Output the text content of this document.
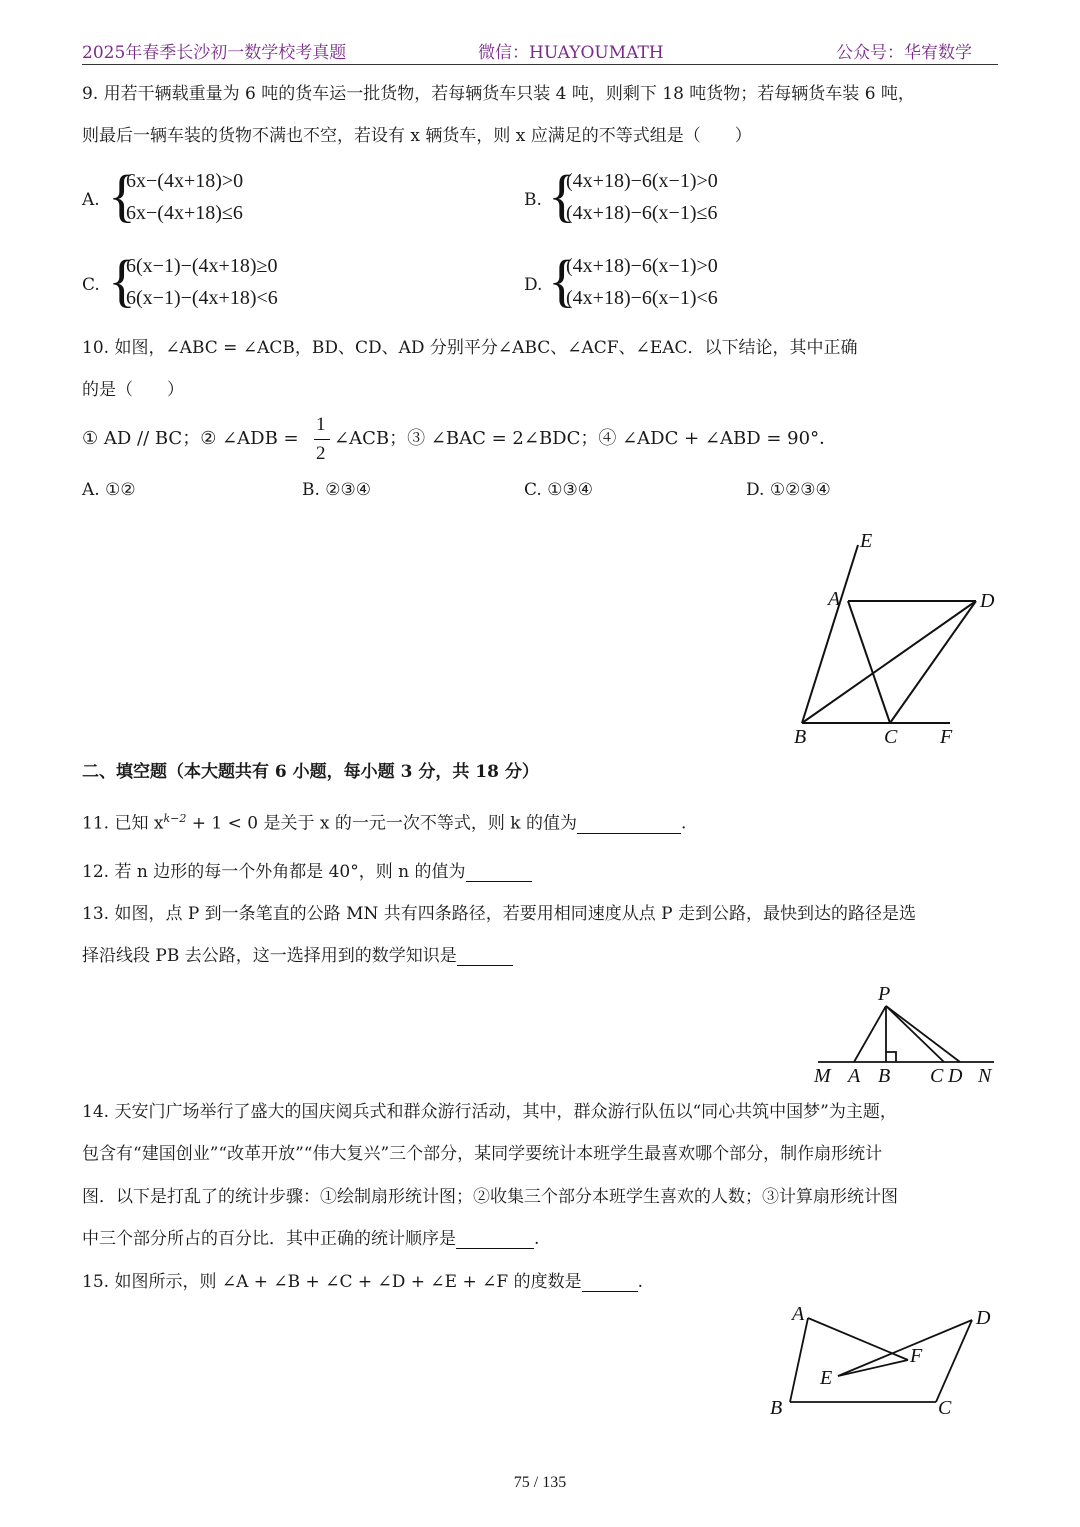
2025年春季长沙初一数学校考真题	微信：HUAYOUMATH	公众号：华宥数学
9. 用若干辆载重量为 6 吨的货车运一批货物，若每辆货车只装 4 吨，则剩下 18 吨货物；若每辆货车装 6 吨，
则最后一辆车装的货物不满也不空，若设有 x 辆货车，则 x 应满足的不等式组是（　　）
A. {
6x−(4x+18)>0
6x−(4x+18)≤6
B. {
(4x+18)−6(x−1)>0
(4x+18)−6(x−1)≤6
C. {
6(x−1)−(4x+18)≥0
6(x−1)−(4x+18)<6
D. {
(4x+18)−6(x−1)>0
(4x+18)−6(x−1)<6
10. 如图，∠ABC = ∠ACB，BD、CD、AD 分别平分∠ABC、∠ACF、∠EAC．以下结论，其中正确
的是（　　）
① AD // BC；② ∠ADB =
1
2
∠ACB；③ ∠BAC = 2∠BDC；④ ∠ADC + ∠ABD = 90°．
A. ①②	B. ②③④	C. ①③④	D. ①②③④
E
A	D
B	C F
二、填空题（本大题共有 6 小题，每小题 3 分，共 18 分）
11. 已知 $x^{k-2} + 1 < 0$ 是关于 x 的一元一次不等式，则 k 的值为	.
12. 若 n 边形的每一个外角都是 40°，则 n 的值为
13. 如图，点 P 到一条笔直的公路 MN 共有四条路径，若要用相同速度从点 P 走到公路，最快到达的路径是选
择沿线段 PB 去公路，这一选择用到的数学知识是
P
M A B C D N
14. 天安门广场举行了盛大的国庆阅兵式和群众游行活动，其中，群众游行队伍以“同心共筑中国梦”为主题，
包含有“建国创业”“改革开放”“伟大复兴”三个部分，某同学要统计本班学生最喜欢哪个部分，制作扇形统计
图．以下是打乱了的统计步骤：①绘制扇形统计图；②收集三个部分本班学生喜欢的人数；③计算扇形统计图
中三个部分所占的百分比．其中正确的统计顺序是	.
15. 如图所示，则 ∠A + ∠B + ∠C + ∠D + ∠E + ∠F 的度数是	.
A	D
F
E
B	C
75 / 135
